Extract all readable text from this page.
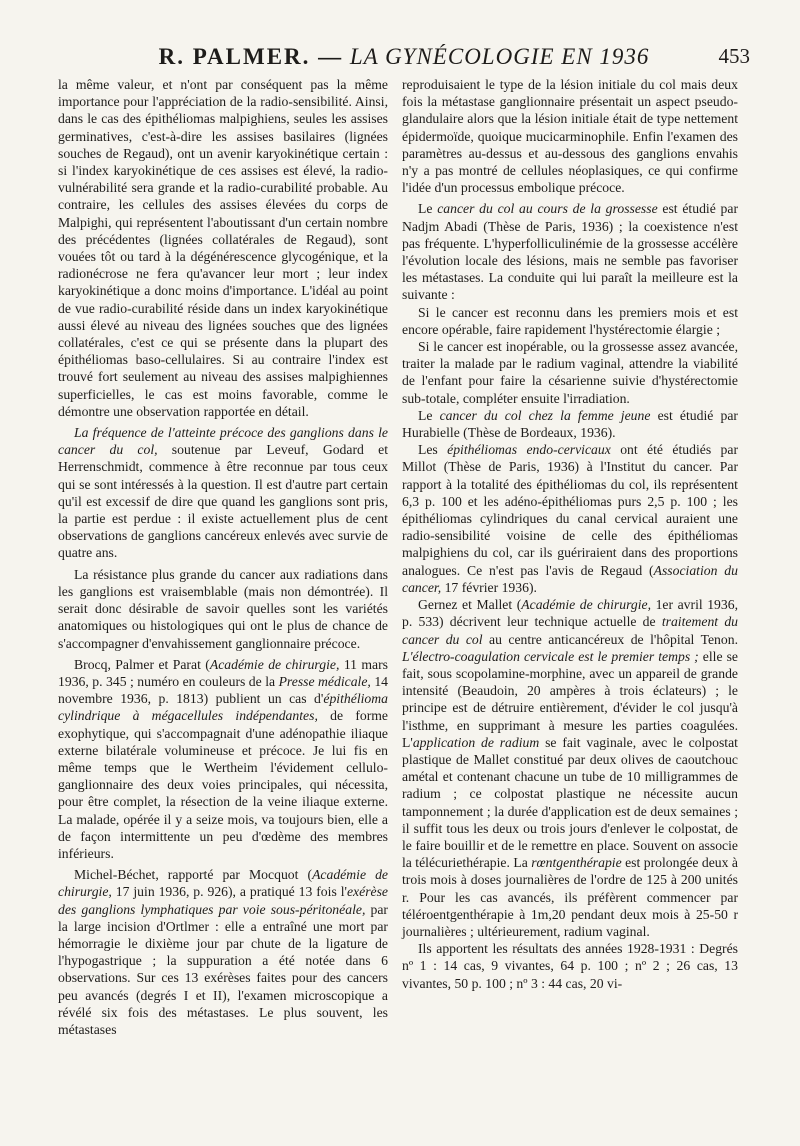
R. PALMER. — LA GYNÉCOLOGIE EN 1936	453

la même valeur, et n'ont par conséquent pas la même importance pour l'appréciation de la radio-sensibilité. Ainsi, dans le cas des épithéliomas malpighiens, seules les assises germinatives, c'est-à-dire les assises basilaires (lignées souches de Regaud), ont un avenir karyokinétique certain : si l'index karyokinétique de ces assises est élevé, la radio-vulnérabilité sera grande et la radio-curabilité probable. Au contraire, les cellules des assises élevées du corps de Malpighi, qui représentent l'aboutissant d'un certain nombre des précédentes (lignées collatérales de Regaud), sont vouées tôt ou tard à la dégénérescence glycogénique, et la radionécrose ne fera qu'avancer leur mort ; leur index karyokinétique a donc moins d'importance. L'idéal au point de vue radio-curabilité réside dans un index karyokinétique aussi élevé au niveau des lignées souches que des lignées collatérales, c'est ce qui se présente dans la plupart des épithéliomas baso-cellulaires. Si au contraire l'index est trouvé fort seulement au niveau des assises malpighiennes superficielles, le cas est moins favorable, comme le démontre une observation rapportée en détail.

La fréquence de l'atteinte précoce des ganglions dans le cancer du col, soutenue par Leveuf, Godard et Herrenschmidt, commence à être reconnue par tous ceux qui se sont intéressés à la question. Il est d'autre part certain qu'il est excessif de dire que quand les ganglions sont pris, la partie est perdue : il existe actuellement plus de cent observations de ganglions cancéreux enlevés avec survie de quatre ans.

La résistance plus grande du cancer aux radiations dans les ganglions est vraisemblable (mais non démontrée). Il serait donc désirable de savoir quelles sont les variétés anatomiques ou histologiques qui ont le plus de chance de s'accompagner d'envahissement ganglionnaire précoce.

Brocq, Palmer et Parat (Académie de chirurgie, 11 mars 1936, p. 345 ; numéro en couleurs de la Presse médicale, 14 novembre 1936, p. 1813) publient un cas d'épithélioma cylindrique à mégacellules indépendantes, de forme exophytique, qui s'accompagnait d'une adénopathie iliaque externe bilatérale volumineuse et précoce. Je lui fis en même temps que le Wertheim l'évidement cellulo-ganglionnaire des deux voies principales, qui nécessita, pour être complet, la résection de la veine iliaque externe. La malade, opérée il y a seize mois, va toujours bien, elle a de façon intermittente un peu d'œdème des membres inférieurs.

Michel-Béchet, rapporté par Mocquot (Académie de chirurgie, 17 juin 1936, p. 926), a pratiqué 13 fois l'exérèse des ganglions lymphatiques par voie sous-péritonéale, par la large incision d'Ortlmer : elle a entraîné une mort par hémorragie le dixième jour par chute de la ligature de l'hypogastrique ; la suppuration a été notée dans 6 observations. Sur ces 13 exérèses faites pour des cancers peu avancés (degrés I et II), l'examen microscopique a révélé six fois des métastases. Le plus souvent, les métastases

reproduisaient le type de la lésion initiale du col mais deux fois la métastase ganglionnaire présentait un aspect pseudo-glandulaire alors que la lésion initiale était de type nettement épidermoïde, quoique mucicarminophile. Enfin l'examen des paramètres au-dessus et au-dessous des ganglions envahis n'y a pas montré de cellules néoplasiques, ce qui confirme l'idée d'un processus embolique précoce.

Le cancer du col au cours de la grossesse est étudié par Nadjm Abadi (Thèse de Paris, 1936) ; la coexistence n'est pas fréquente. L'hyperfolliculinémie de la grossesse accélère l'évolution locale des lésions, mais ne semble pas favoriser les métastases. La conduite qui lui paraît la meilleure est la suivante :

Si le cancer est reconnu dans les premiers mois et est encore opérable, faire rapidement l'hystérectomie élargie ;

Si le cancer est inopérable, ou la grossesse assez avancée, traiter la malade par le radium vaginal, attendre la viabilité de l'enfant pour faire la césarienne suivie d'hystérectomie sub-totale, compléter ensuite l'irradiation.

Le cancer du col chez la femme jeune est étudié par Hurabielle (Thèse de Bordeaux, 1936).

Les épithéliomas endo-cervicaux ont été étudiés par Millot (Thèse de Paris, 1936) à l'Institut du cancer. Par rapport à la totalité des épithéliomas du col, ils représentent 6,3 p. 100 et les adéno-épithéliomas purs 2,5 p. 100 ; les épithéliomas cylindriques du canal cervical auraient une radio-sensibilité voisine de celle des épithéliomas malpighiens du col, car ils guériraient dans des proportions analogues. Ce n'est pas l'avis de Regaud (Association du cancer, 17 février 1936).

Gernez et Mallet (Académie de chirurgie, 1er avril 1936, p. 533) décrivent leur technique actuelle de traitement du cancer du col au centre anticancéreux de l'hôpital Tenon. L'électro-coagulation cervicale est le premier temps ; elle se fait, sous scopolamine-morphine, avec un appareil de grande intensité (Beaudoin, 20 ampères à trois éclateurs) ; le principe est de détruire entièrement, d'évider le col jusqu'à l'isthme, en supprimant à mesure les parties coagulées. L'application de radium se fait vaginale, avec le colpostat plastique de Mallet constitué par deux olives de caoutchouc amétal et contenant chacune un tube de 10 milligrammes de radium ; ce colpostat plastique ne nécessite aucun tamponnement ; la durée d'application est de deux semaines ; il suffit tous les deux ou trois jours d'enlever le colpostat, de le faire bouillir et de le remettre en place. Souvent on associe la télécuriethérapie. La rœntgenthérapie est prolongée deux à trois mois à doses journalières de l'ordre de 125 à 200 unités r. Pour les cas avancés, ils préfèrent commencer par téléroentgenthérapie à 1m,20 pendant deux mois à 25-50 r journalières ; ultérieurement, radium vaginal.

Ils apportent les résultats des années 1928-1931 : Degrés nº 1 : 14 cas, 9 vivantes, 64 p. 100 ; nº 2 ; 26 cas, 13 vivantes, 50 p. 100 ; nº 3 : 44 cas, 20 vi-
